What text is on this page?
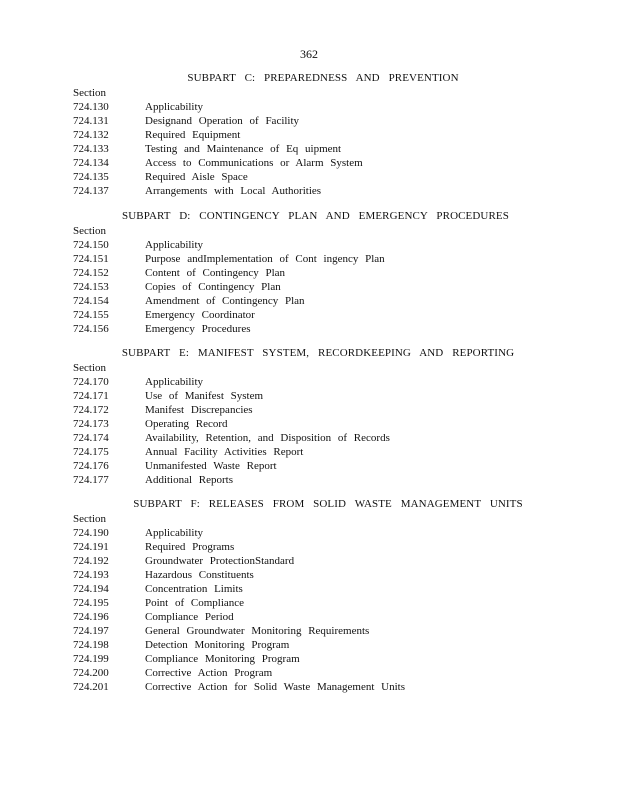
362
SUBPART C: PREPAREDNESS AND PREVENTION
Section
724.130	Applicability
724.131	Designand Operation of Facility
724.132	Required Equipment
724.133	Testing and Maintenance of Eq uipment
724.134	Access to Communications or Alarm System
724.135	Required Aisle Space
724.137	Arrangements with Local Authorities
SUBPART D: CONTINGENCY PLAN AND EMERGENCY PROCEDURES
Section
724.150	Applicability
724.151	Purpose andImplementation of Cont ingency Plan
724.152	Content of Contingency Plan
724.153	Copies of Contingency Plan
724.154	Amendment of Contingency Plan
724.155	Emergency Coordinator
724.156	Emergency Procedures
SUBPART E: MANIFEST SYSTEM, RECORDKEEPING AND REPORTING
Section
724.170	Applicability
724.171	Use of Manifest System
724.172	Manifest Discrepancies
724.173	Operating Record
724.174	Availability, Retention, and Disposition of Records
724.175	Annual Facility Activities Report
724.176	Unmanifested Waste Report
724.177	Additional Reports
SUBPART F: RELEASES FROM SOLID WASTE MANAGEMENT UNITS
Section
724.190	Applicability
724.191	Required Programs
724.192	Groundwater ProtectionStandard
724.193	Hazardous Constituents
724.194	Concentration Limits
724.195	Point of Compliance
724.196	Compliance Period
724.197	General Groundwater Monitoring Requirements
724.198	Detection Monitoring Program
724.199	Compliance Monitoring Program
724.200	Corrective Action Program
724.201	Corrective Action for Solid Waste Management Units
